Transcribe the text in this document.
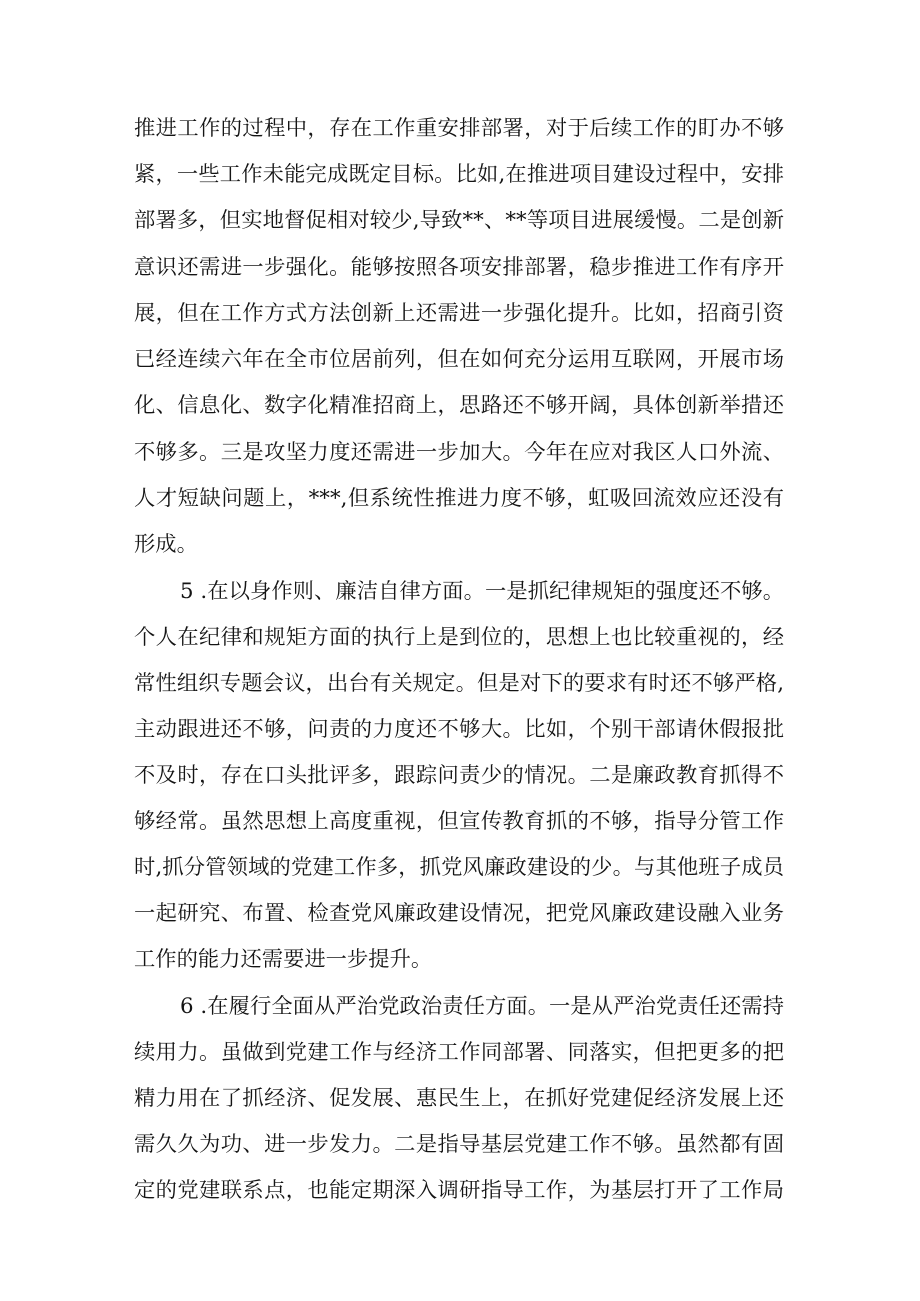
推进工作的过程中，存在工作重安排部署，对于后续工作的盯办不够
紧，一些工作未能完成既定目标。比如,在推进项目建设过程中，安排
部署多，但实地督促相对较少,导致**、**等项目进展缓慢。二是创新
意识还需进一步强化。能够按照各项安排部署，稳步推进工作有序开
展，但在工作方式方法创新上还需进一步强化提升。比如，招商引资
已经连续六年在全市位居前列，但在如何充分运用互联网，开展市场
化、信息化、数字化精准招商上，思路还不够开阔，具体创新举措还
不够多。三是攻坚力度还需进一步加大。今年在应对我区人口外流、
人才短缺问题上，***,但系统性推进力度不够，虹吸回流效应还没有
形成。
5 .在以身作则、廉洁自律方面。一是抓纪律规矩的强度还不够。
个人在纪律和规矩方面的执行上是到位的，思想上也比较重视的，经
常性组织专题会议，出台有关规定。但是对下的要求有时还不够严格,
主动跟进还不够，问责的力度还不够大。比如，个别干部请休假报批
不及时，存在口头批评多，跟踪问责少的情况。二是廉政教育抓得不
够经常。虽然思想上高度重视，但宣传教育抓的不够，指导分管工作
时,抓分管领域的党建工作多，抓党风廉政建设的少。与其他班子成员
一起研究、布置、检查党风廉政建设情况，把党风廉政建设融入业务
工作的能力还需要进一步提升。
6 .在履行全面从严治党政治责任方面。一是从严治党责任还需持
续用力。虽做到党建工作与经济工作同部署、同落实，但把更多的把
精力用在了抓经济、促发展、惠民生上，在抓好党建促经济发展上还
需久久为功、进一步发力。二是指导基层党建工作不够。虽然都有固
定的党建联系点，也能定期深入调研指导工作，为基层打开了工作局
